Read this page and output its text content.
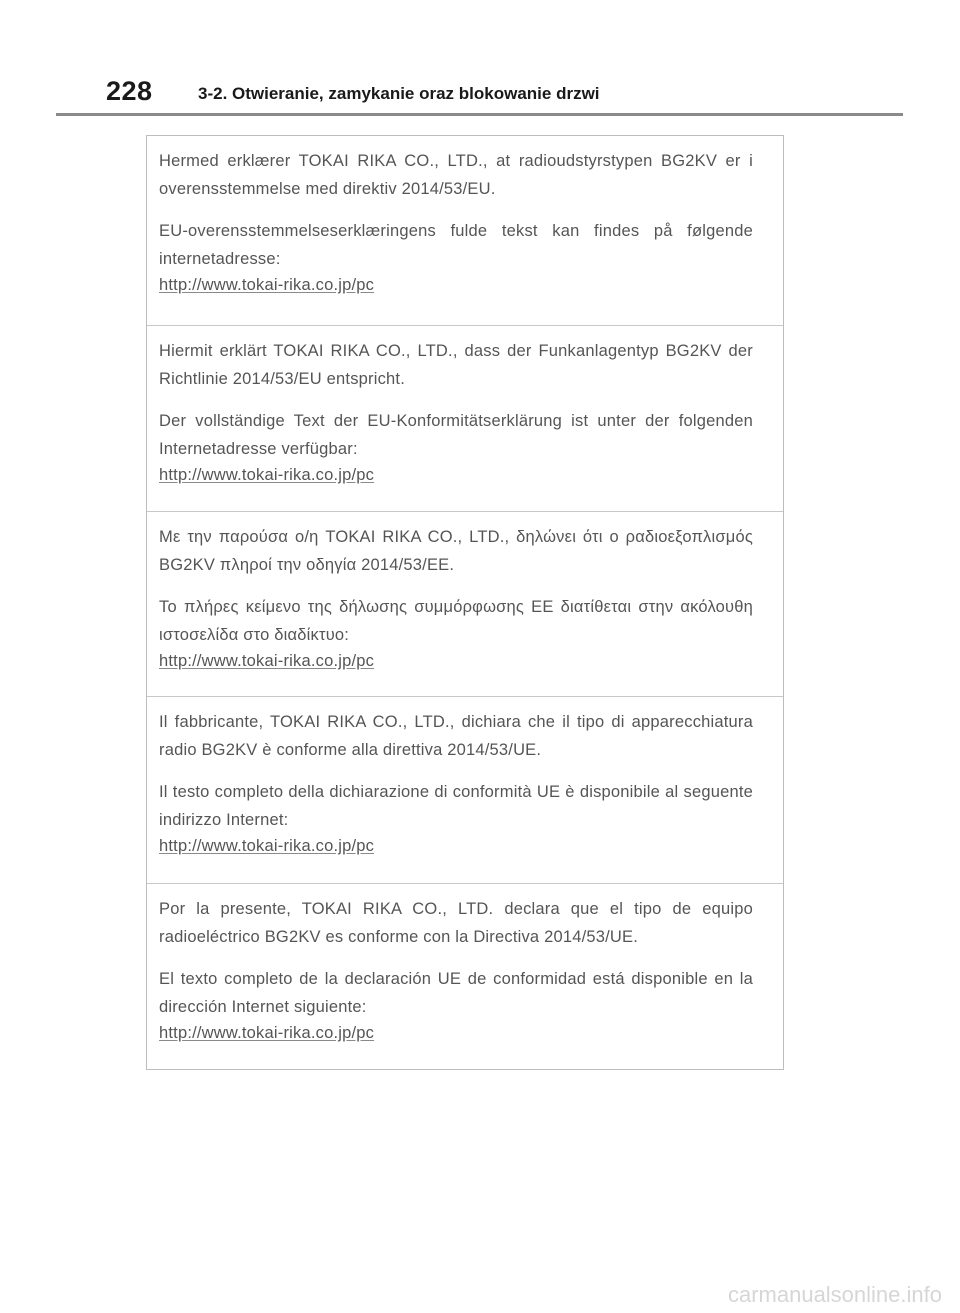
228	3-2. Otwieranie, zamykanie oraz blokowanie drzwi

Hermed erklærer TOKAI RIKA CO., LTD., at radioudstyrstypen BG2KV er i overensstemmelse med direktiv 2014/53/EU.

EU-overensstemmelseserklæringens fulde tekst kan findes på følgende internetadresse:

http://www.tokai-rika.co.jp/pc

Hiermit erklärt TOKAI RIKA CO., LTD., dass der Funkanlagentyp BG2KV der Richtlinie 2014/53/EU entspricht.

Der vollständige Text der EU-Konformitätserklärung ist unter der folgenden Internetadresse verfügbar:

http://www.tokai-rika.co.jp/pc

Με την παρούσα ο/η TOKAI RIKA CO., LTD., δηλώνει ότι ο ραδιοεξοπλισμός BG2KV πληροί την οδηγία 2014/53/ΕΕ.

Το πλήρες κείμενο της δήλωσης συμμόρφωσης ΕΕ διατίθεται στην ακόλουθη ιστοσελίδα στο διαδίκτυο:

http://www.tokai-rika.co.jp/pc

Il fabbricante, TOKAI RIKA CO., LTD., dichiara che il tipo di apparecchiatura radio BG2KV è conforme alla direttiva 2014/53/UE.

Il testo completo della dichiarazione di conformità UE è disponibile al seguente indirizzo Internet:

http://www.tokai-rika.co.jp/pc

Por la presente, TOKAI RIKA CO., LTD. declara que el tipo de equipo radioeléctrico BG2KV es conforme con la Directiva 2014/53/UE.

El texto completo de la declaración UE de conformidad está disponible en la dirección Internet siguiente:

http://www.tokai-rika.co.jp/pc
carmanualsonline.info
